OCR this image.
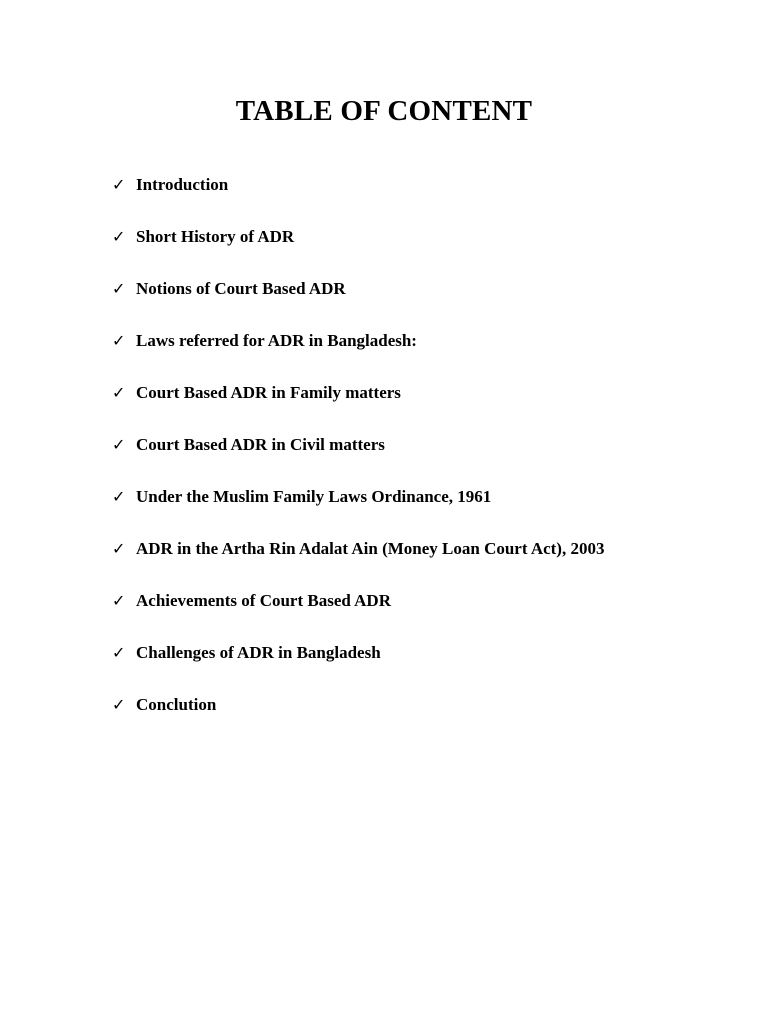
TABLE OF CONTENT
✓ Introduction
✓ Short History of ADR
✓ Notions of Court Based ADR
✓ Laws referred for ADR in Bangladesh:
✓ Court Based ADR in Family matters
✓ Court Based ADR in Civil matters
✓ Under the Muslim Family Laws Ordinance, 1961
✓ ADR in the Artha Rin Adalat Ain (Money Loan Court Act), 2003
✓ Achievements of Court Based ADR
✓ Challenges of ADR in Bangladesh
✓ Conclution
